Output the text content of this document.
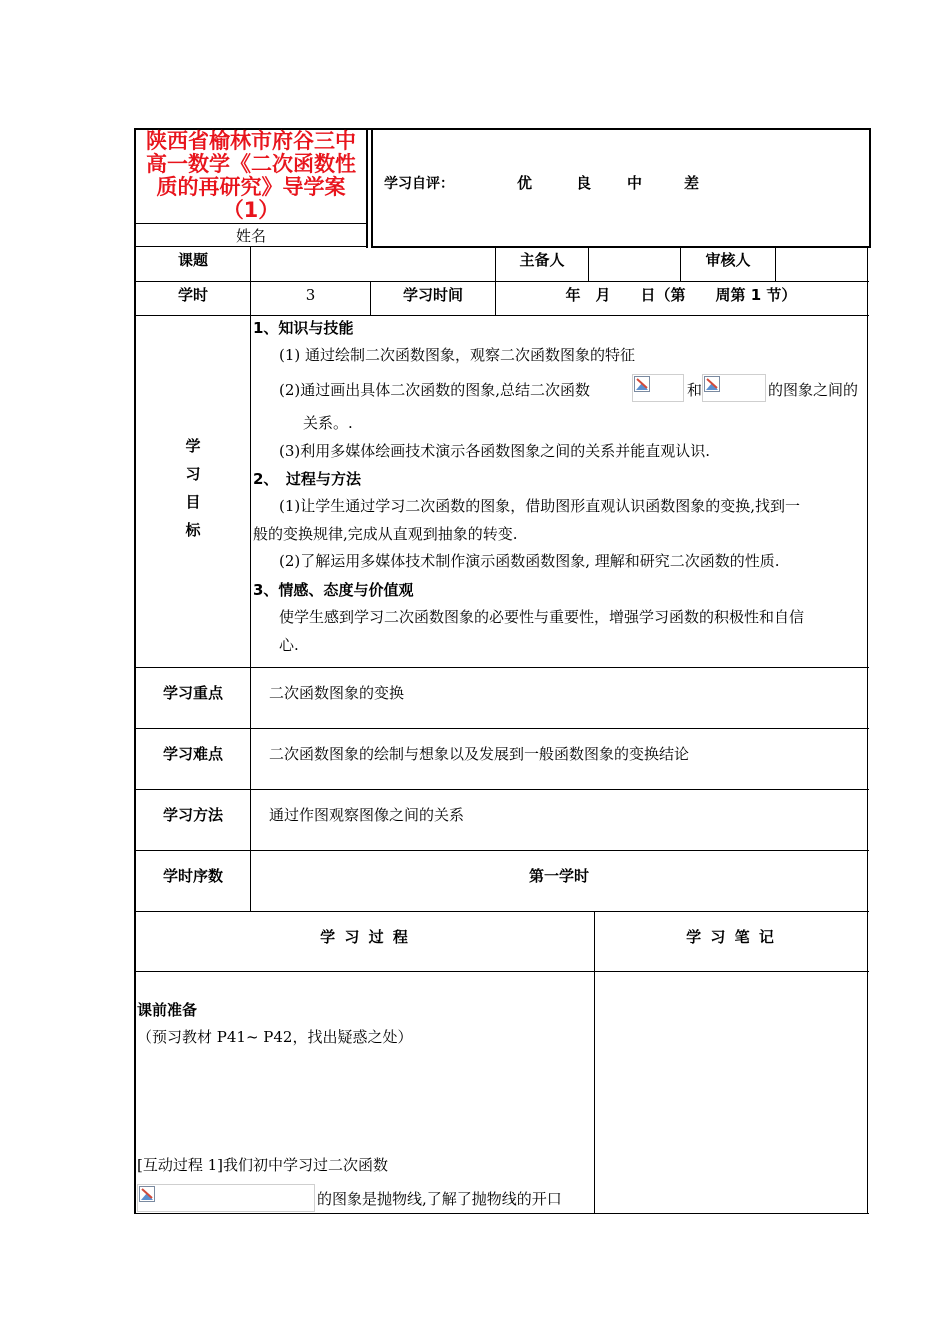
陕西省榆林市府谷三中
高一数学《二次函数性
质的再研究》导学案
（1）
姓名
学习自评：	优	良 中	差
课题	主备人	审核人
学时	3	学习时间	年　月　　日（第　　周第 1 节）
学
习
目
标
1、知识与技能
(1) 通过绘制二次函数图象，观察二次函数图象的特征
(2)通过画出具体二次函数的图象,总结二次函数	和	的图象之间的
关系。.
(3)利用多媒体绘画技术演示各函数图象之间的关系并能直观认识.
2、　过程与方法
(1)让学生通过学习二次函数的图象，借助图形直观认识函数图象的变换,找到一
般的变换规律,完成从直观到抽象的转变.
(2)了解运用多媒体技术制作演示函数函数图象, 理解和研究二次函数的性质.
3、情感、态度与价值观
使学生感到学习二次函数图象的必要性与重要性，增强学习函数的积极性和自信
心.
学习重点	二次函数图象的变换
学习难点	二次函数图象的绘制与想象以及发展到一般函数图象的变换结论
学习方法	通过作图观察图像之间的关系
学时序数	第一学时
学 习 过 程	学 习 笔 记
课前准备
（预习教材 P41~ P42，找出疑惑之处）
[互动过程 1]我们初中学习过二次函数
的图象是抛物线,了解了抛物线的开口
